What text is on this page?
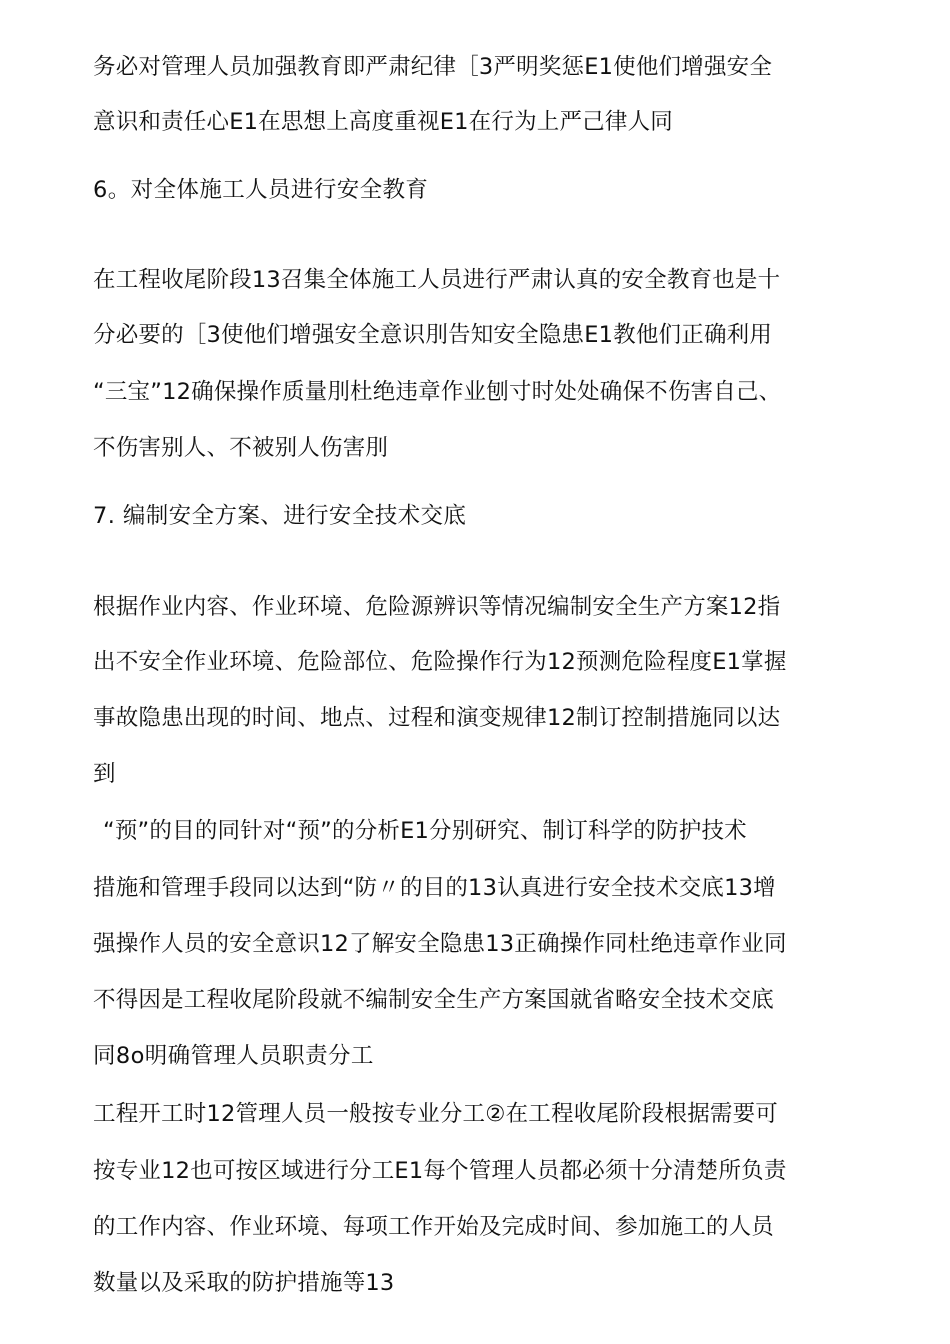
务必对管理人员加强教育即严肃纪律［3严明奖惩E1使他们增强安全
意识和责任心E1在思想上高度重视E1在行为上严己律人同
6。对全体施工人员进行安全教育
在工程收尾阶段13召集全体施工人员进行严肃认真的安全教育也是十
分必要的［3使他们增强安全意识刖告知安全隐患E1教他们正确利用
“三宝”12确保操作质量刖杜绝违章作业刨寸时处处确保不伤害自己、
不伤害别人、不被别人伤害刖
7. 编制安全方案、进行安全技术交底
根据作业内容、作业环境、危险源辨识等情况编制安全生产方案12指
出不安全作业环境、危险部位、危险操作行为12预测危险程度E1掌握
事故隐患出现的时间、地点、过程和演变规律12制订控制措施同以达
到
“预”的目的同针对“预”的分析E1分别研究、制订科学的防护技术
措施和管理手段同以达到“防〃的目的13认真进行安全技术交底13增
强操作人员的安全意识12了解安全隐患13正确操作同杜绝违章作业同
不得因是工程收尾阶段就不编制安全生产方案国就省略安全技术交底
同8o明确管理人员职责分工
工程开工时12管理人员一般按专业分工②在工程收尾阶段根据需要可
按专业12也可按区域进行分工E1每个管理人员都必须十分清楚所负责
的工作内容、作业环境、每项工作开始及完成时间、参加施工的人员
数量以及采取的防护措施等13
